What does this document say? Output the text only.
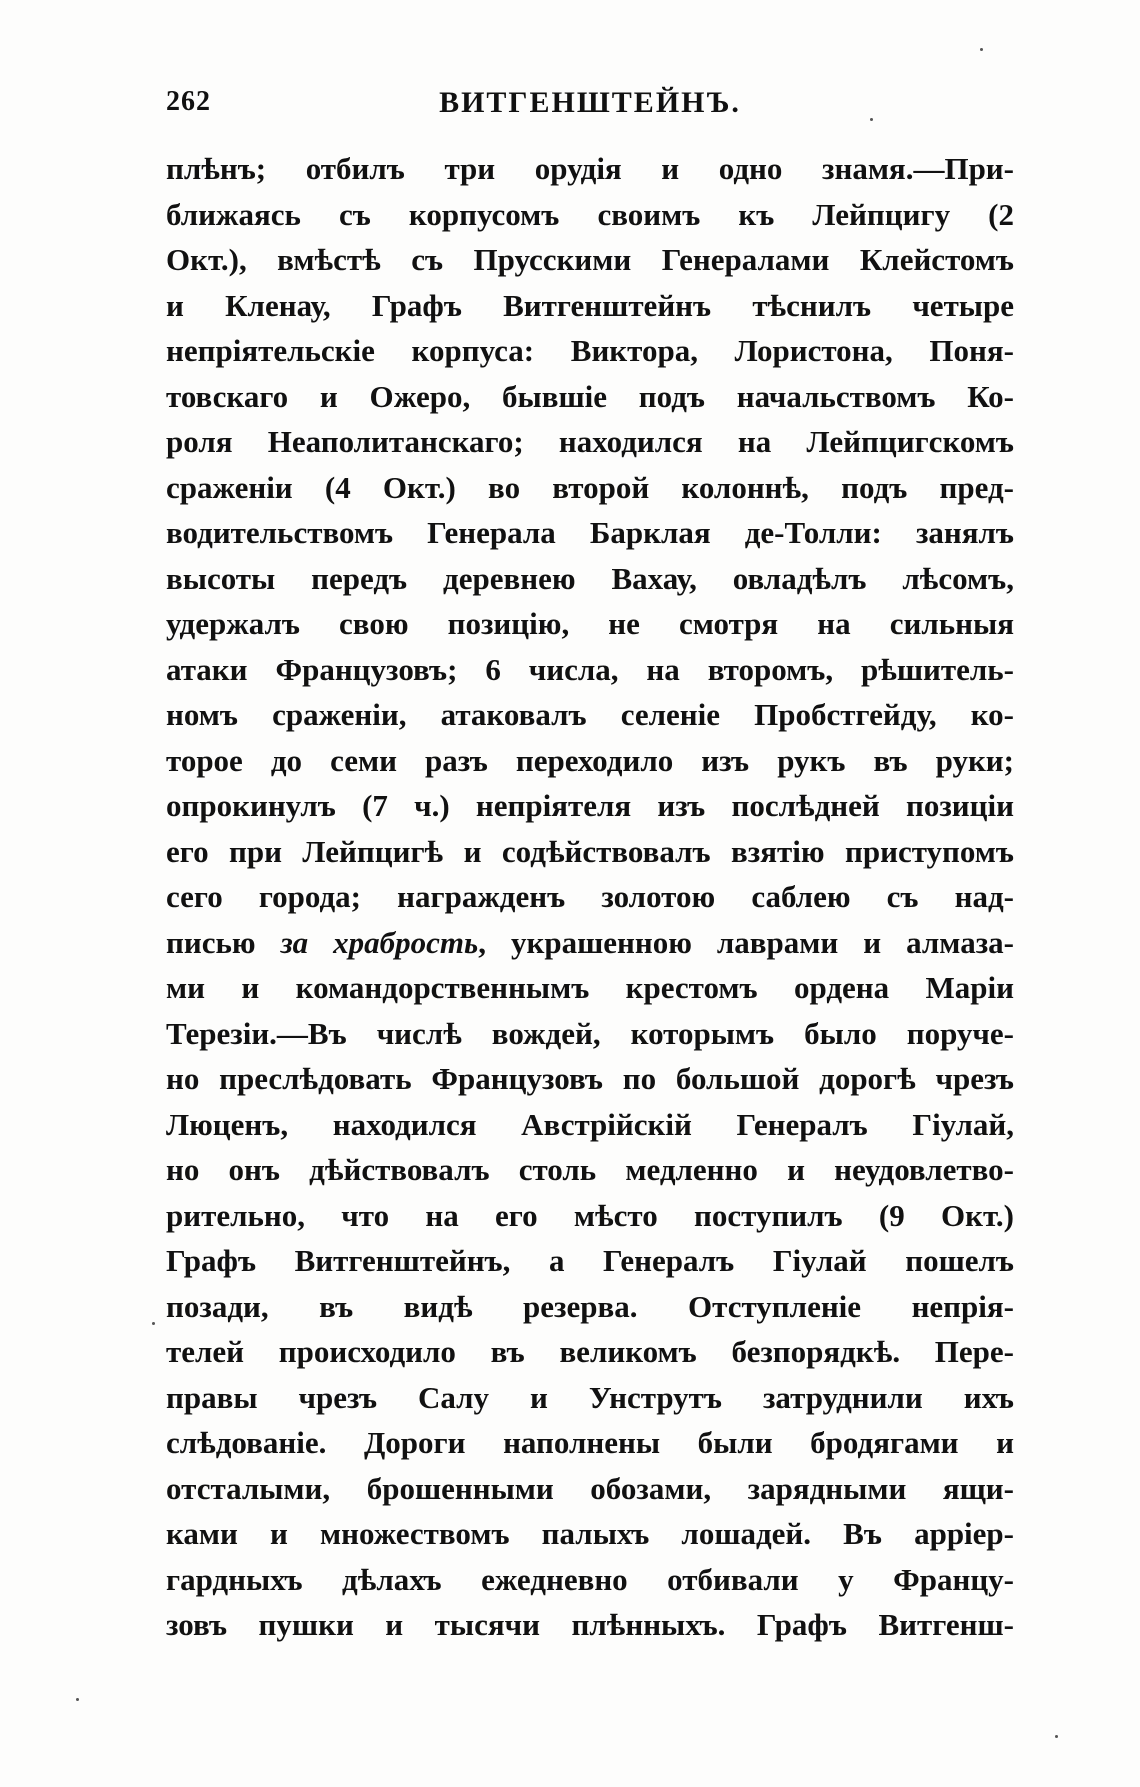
262	ВИТГЕНШТЕЙНЪ.
плѣнъ; отбилъ три орудія и одно знамя.—При-
ближаясь съ корпусомъ своимъ къ Лейпцигу (2
Окт.), вмѣстѣ съ Прусскими Генералами Клейстомъ
и Кленау, Графъ Витгенштейнъ тѣснилъ четыре
непріятельскіе корпуса: Виктора, Лористона, Поня-
товскаго и Ожеро, бывшіе подъ начальствомъ Ко-
роля Неаполитанскаго; находился на Лейпцигскомъ
сраженіи (4 Окт.) во второй колоннѣ, подъ пред-
водительствомъ Генерала Барклая де-Толли: занялъ
высоты передъ деревнею Вахау, овладѣлъ лѣсомъ,
удержалъ свою позицію, не смотря на сильныя
атаки Французовъ; 6 числа, на второмъ, рѣшитель-
номъ сраженіи, атаковалъ селеніе Пробстгейду, ко-
торое до семи разъ переходило изъ рукъ въ руки;
опрокинулъ (7 ч.) непріятеля изъ послѣдней позиціи
его при Лейпцигѣ и содѣйствовалъ взятію приступомъ
сего города; награжденъ золотою саблею съ над-
писью за храбрость, украшенною лаврами и алмаза-
ми и командорственнымъ крестомъ ордена Маріи
Терезіи.—Въ числѣ вождей, которымъ было поруче-
но преслѣдовать Французовъ по большой дорогѣ чрезъ
Люценъ, находился Австрійскій Генералъ Гіулай,
но онъ дѣйствовалъ столь медленно и неудовлетво-
рительно, что на его мѣсто поступилъ (9 Окт.)
Графъ Витгенштейнъ, а Генералъ Гіулай пошелъ
позади, въ видѣ резерва. Отступленіе непрія-
телей происходило въ великомъ безпорядкѣ. Пере-
правы чрезъ Салу и Унструтъ затруднили ихъ
слѣдованіе. Дороги наполнены были бродягами и
отсталыми, брошенными обозами, зарядными ящи-
ками и множествомъ палыхъ лошадей. Въ арріер-
гардныхъ дѣлахъ ежедневно отбивали у Францу-
зовъ пушки и тысячи плѣнныхъ. Графъ Витгенш-
